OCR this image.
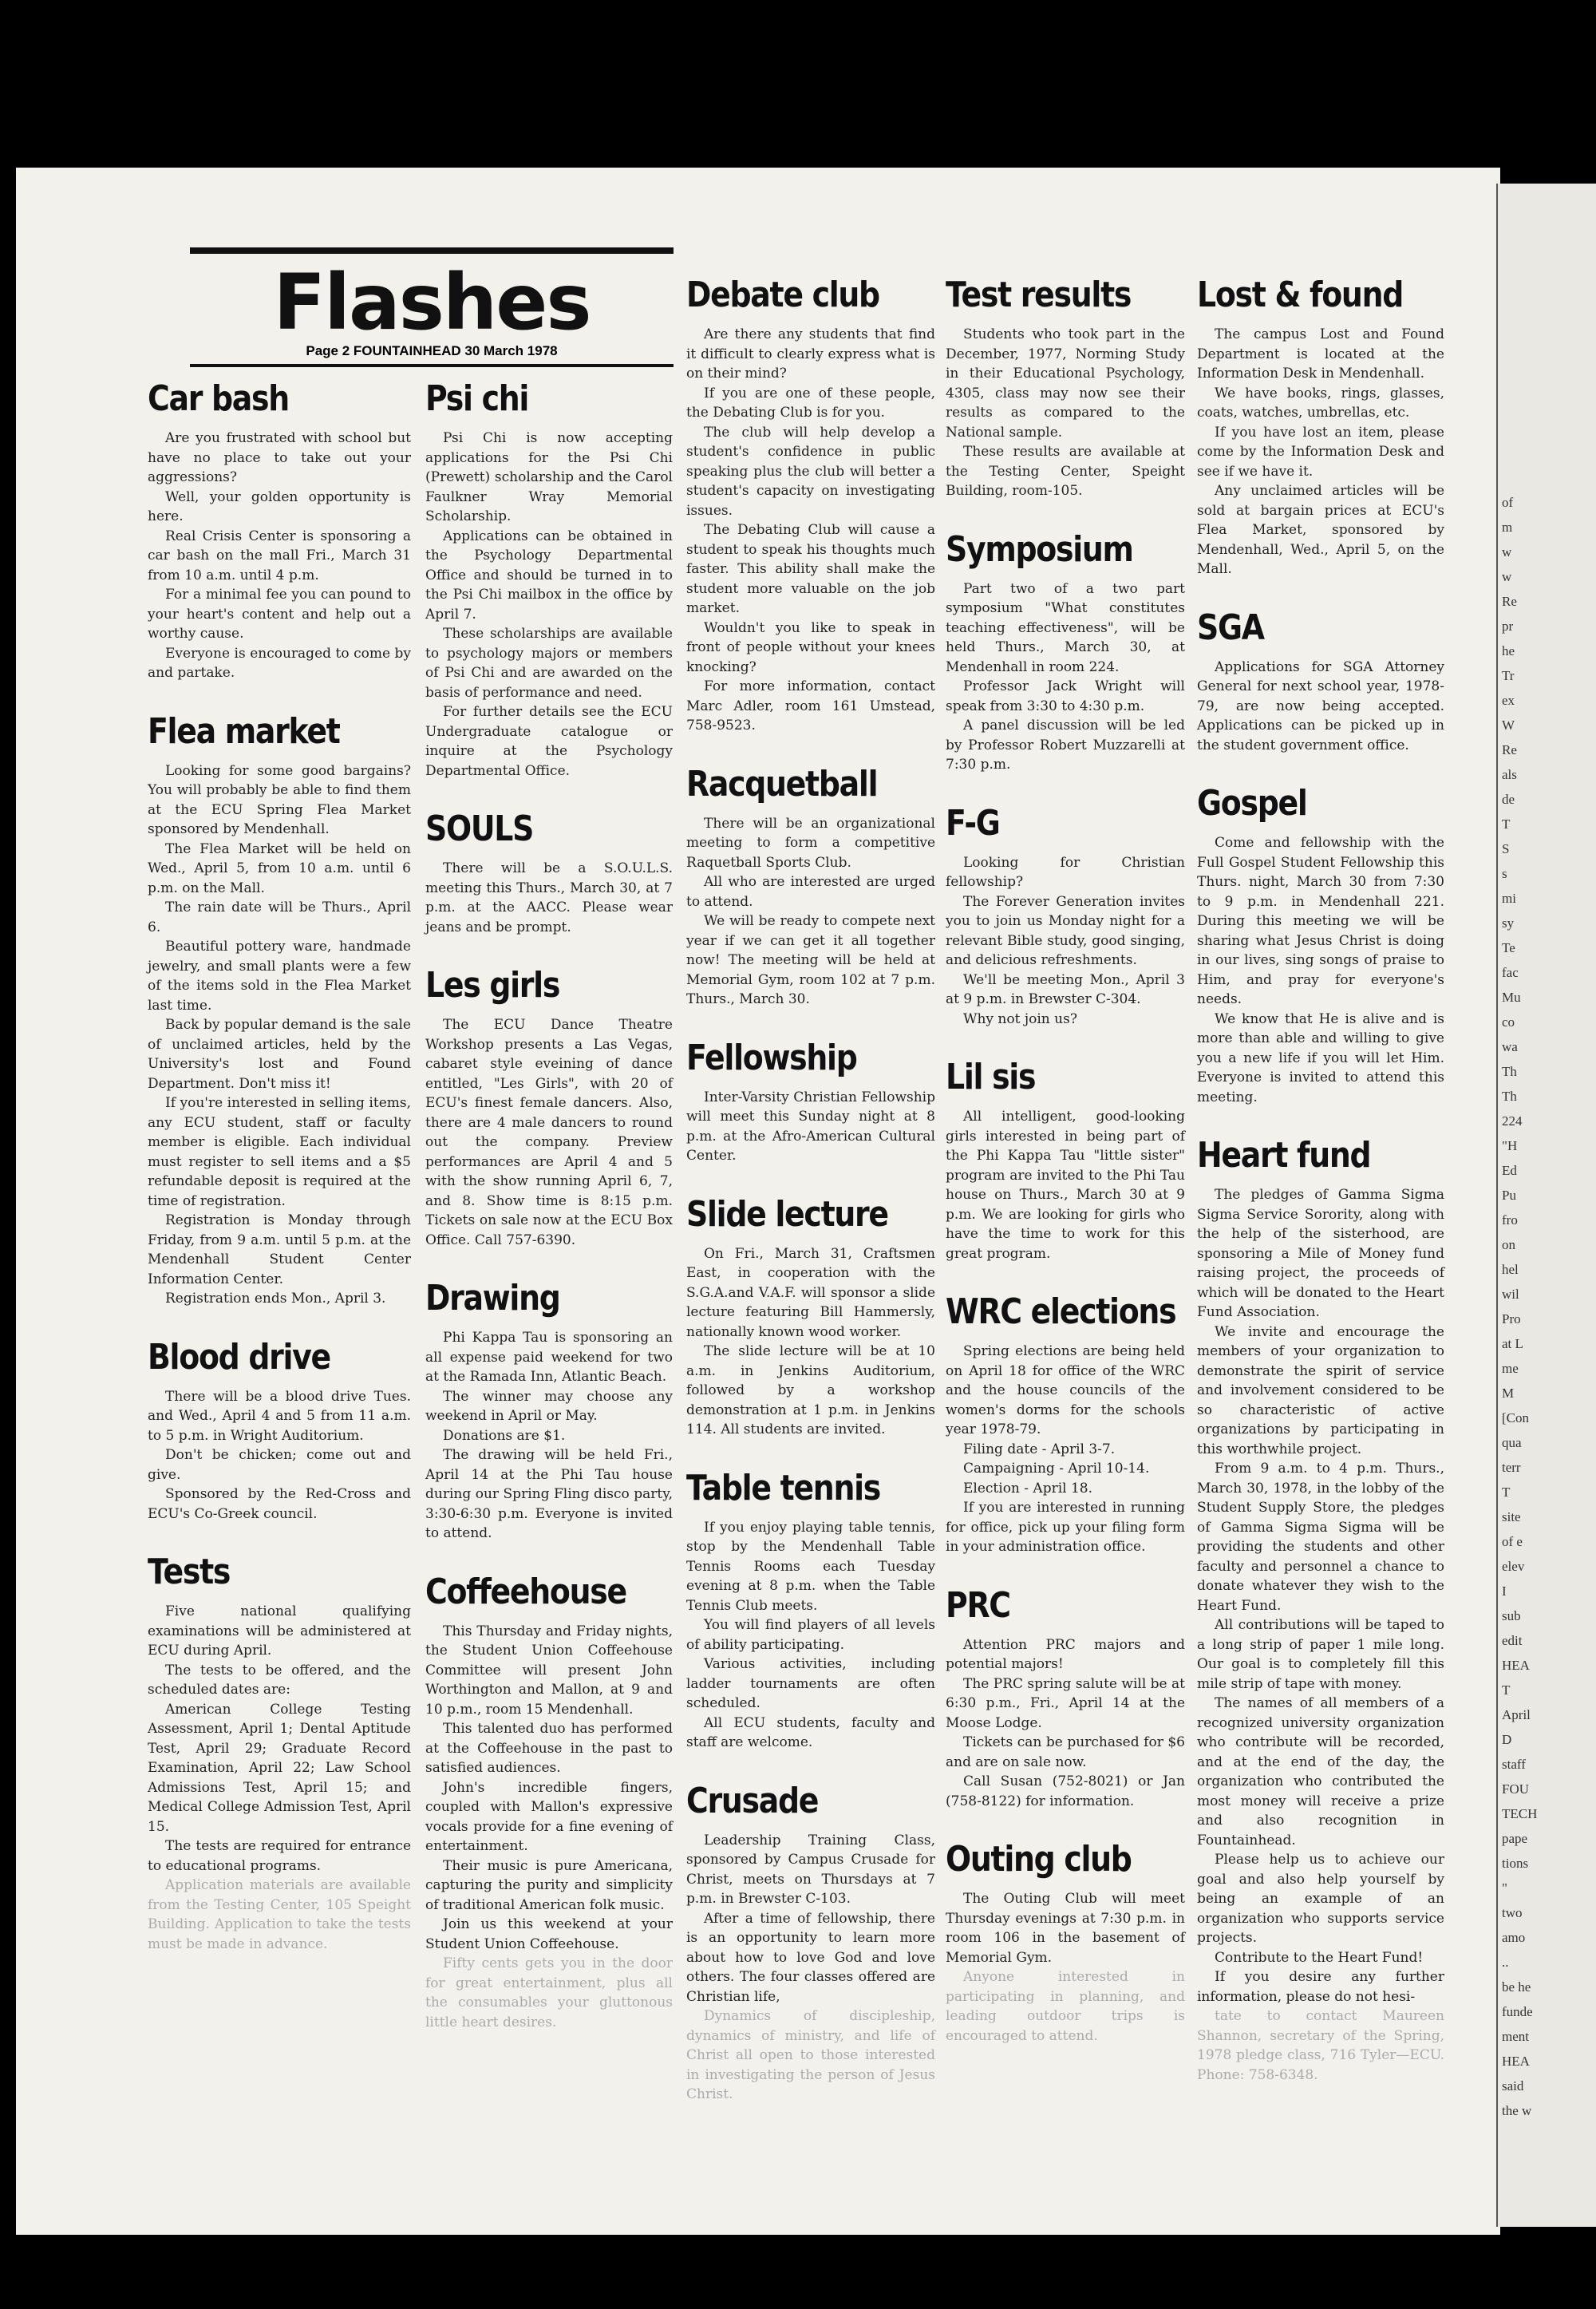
Flashes
Page 2 FOUNTAINHEAD 30 March 1978
Car bash

Are you frustrated with school but have no place to take out your aggressions?

Well, your golden opportunity is here.

Real Crisis Center is sponsoring a car bash on the mall Fri., March 31 from 10 a.m. until 4 p.m.

For a minimal fee you can pound to your heart's content and help out a worthy cause.

Everyone is encouraged to come by and partake.

Flea market

Looking for some good bargains? You will probably be able to find them at the ECU Spring Flea Market sponsored by Mendenhall.

The Flea Market will be held on Wed., April 5, from 10 a.m. until 6 p.m. on the Mall.

The rain date will be Thurs., April 6.

Beautiful pottery ware, handmade jewelry, and small plants were a few of the items sold in the Flea Market last time.

Back by popular demand is the sale of unclaimed articles, held by the University's lost and Found Department. Don't miss it!

If you're interested in selling items, any ECU student, staff or faculty member is eligible. Each individual must register to sell items and a $5 refundable deposit is required at the time of registration.

Registration is Monday through Friday, from 9 a.m. until 5 p.m. at the Mendenhall Student Center Information Center.

Registration ends Mon., April 3.

Blood drive

There will be a blood drive Tues. and Wed., April 4 and 5 from 11 a.m. to 5 p.m. in Wright Auditorium.

Don't be chicken; come out and give.

Sponsored by the Red-Cross and ECU's Co-Greek council.

Tests

Five national qualifying examinations will be administered at ECU during April.

The tests to be offered, and the scheduled dates are:

American College Testing Assessment, April 1; Dental Aptitude Test, April 29; Graduate Record Examination, April 22; Law School Admissions Test, April 15; and Medical College Admission Test, April 15.

The tests are required for entrance to educational programs.

Application materials are available from the Testing Center, 105 Speight Building. Application to take the tests must be made in advance.

Psi chi

Psi Chi is now accepting applications for the Psi Chi (Prewett) scholarship and the Carol Faulkner Wray Memorial Scholarship.

Applications can be obtained in the Psychology Departmental Office and should be turned in to the Psi Chi mailbox in the office by April 7.

These scholarships are available to psychology majors or members of Psi Chi and are awarded on the basis of performance and need.

For further details see the ECU Undergraduate catalogue or inquire at the Psychology Departmental Office.

SOULS

There will be a S.O.U.L.S. meeting this Thurs., March 30, at 7 p.m. at the AACC. Please wear jeans and be prompt.

Les girls

The ECU Dance Theatre Workshop presents a Las Vegas, cabaret style eveining of dance entitled, "Les Girls", with 20 of ECU's finest female dancers. Also, there are 4 male dancers to round out the company. Preview performances are April 4 and 5 with the show running April 6, 7, and 8. Show time is 8:15 p.m. Tickets on sale now at the ECU Box Office. Call 757-6390.

Drawing

Phi Kappa Tau is sponsoring an all expense paid weekend for two at the Ramada Inn, Atlantic Beach.

The winner may choose any weekend in April or May.

Donations are $1.

The drawing will be held Fri., April 14 at the Phi Tau house during our Spring Fling disco party, 3:30-6:30 p.m. Everyone is invited to attend.

Coffeehouse

This Thursday and Friday nights, the Student Union Coffeehouse Committee will present John Worthington and Mallon, at 9 and 10 p.m., room 15 Mendenhall.

This talented duo has performed at the Coffeehouse in the past to satisfied audiences.

John's incredible fingers, coupled with Mallon's expressive vocals provide for a fine evening of entertainment.

Their music is pure Americana, capturing the purity and simplicity of traditional American folk music.

Join us this weekend at your Student Union Coffeehouse.

Fifty cents gets you in the door for great entertainment, plus all the consumables your gluttonous little heart desires.

Debate club

Are there any students that find it difficult to clearly express what is on their mind?

If you are one of these people, the Debating Club is for you.

The club will help develop a student's confidence in public speaking plus the club will better a student's capacity on investigating issues.

The Debating Club will cause a student to speak his thoughts much faster. This ability shall make the student more valuable on the job market.

Wouldn't you like to speak in front of people without your knees knocking?

For more information, contact Marc Adler, room 161 Umstead, 758-9523.

Racquetball

There will be an organizational meeting to form a competitive Raquetball Sports Club.

All who are interested are urged to attend.

We will be ready to compete next year if we can get it all together now! The meeting will be held at Memorial Gym, room 102 at 7 p.m. Thurs., March 30.

Fellowship

Inter-Varsity Christian Fellowship will meet this Sunday night at 8 p.m. at the Afro-American Cultural Center.

Slide lecture

On Fri., March 31, Craftsmen East, in cooperation with the S.G.A.and V.A.F. will sponsor a slide lecture featuring Bill Hammersly, nationally known wood worker.

The slide lecture will be at 10 a.m. in Jenkins Auditorium, followed by a workshop demonstration at 1 p.m. in Jenkins 114. All students are invited.

Table tennis

If you enjoy playing table tennis, stop by the Mendenhall Table Tennis Rooms each Tuesday evening at 8 p.m. when the Table Tennis Club meets.

You will find players of all levels of ability participating.

Various activities, including ladder tournaments are often scheduled.

All ECU students, faculty and staff are welcome.

Crusade

Leadership Training Class, sponsored by Campus Crusade for Christ, meets on Thursdays at 7 p.m. in Brewster C-103.

After a time of fellowship, there is an opportunity to learn more about how to love God and love others. The four classes offered are Christian life,

Dynamics of discipleship, dynamics of ministry, and life of Christ all open to those interested in investigating the person of Jesus Christ.

Test results

Students who took part in the December, 1977, Norming Study in their Educational Psychology, 4305, class may now see their results as compared to the National sample.

These results are available at the Testing Center, Speight Building, room-105.

Symposium

Part two of a two part symposium "What constitutes teaching effectiveness", will be held Thurs., March 30, at Mendenhall in room 224.

Professor Jack Wright will speak from 3:30 to 4:30 p.m.

A panel discussion will be led by Professor Robert Muzzarelli at 7:30 p.m.

F-G

Looking for Christian fellowship?

The Forever Generation invites you to join us Monday night for a relevant Bible study, good singing, and delicious refreshments.

We'll be meeting Mon., April 3 at 9 p.m. in Brewster C-304.

Why not join us?

Lil sis

All intelligent, good-looking girls interested in being part of the Phi Kappa Tau "little sister" program are invited to the Phi Tau house on Thurs., March 30 at 9 p.m. We are looking for girls who have the time to work for this great program.

WRC elections

Spring elections are being held on April 18 for office of the WRC and the house councils of the women's dorms for the schools year 1978-79.

Filing date - April 3-7.

Campaigning - April 10-14.

Election - April 18.

If you are interested in running for office, pick up your filing form in your administration office.

PRC

Attention PRC majors and potential majors!

The PRC spring salute will be at 6:30 p.m., Fri., April 14 at the Moose Lodge.

Tickets can be purchased for $6 and are on sale now.

Call Susan (752-8021) or Jan (758-8122) for information.

Outing club

The Outing Club will meet Thursday evenings at 7:30 p.m. in room 106 in the basement of Memorial Gym.

Anyone interested in participating in planning, and leading outdoor trips is encouraged to attend.

Lost & found

The campus Lost and Found Department is located at the Information Desk in Mendenhall.

We have books, rings, glasses, coats, watches, umbrellas, etc.

If you have lost an item, please come by the Information Desk and see if we have it.

Any unclaimed articles will be sold at bargain prices at ECU's Flea Market, sponsored by Mendenhall, Wed., April 5, on the Mall.

SGA

Applications for SGA Attorney General for next school year, 1978-79, are now being accepted. Applications can be picked up in the student government office.

Gospel

Come and fellowship with the Full Gospel Student Fellowship this Thurs. night, March 30 from 7:30 to 9 p.m. in Mendenhall 221. During this meeting we will be sharing what Jesus Christ is doing in our lives, sing songs of praise to Him, and pray for everyone's needs.

We know that He is alive and is more than able and willing to give you a new life if you will let Him. Everyone is invited to attend this meeting.

Heart fund

The pledges of Gamma Sigma Sigma Service Sorority, along with the help of the sisterhood, are sponsoring a Mile of Money fund raising project, the proceeds of which will be donated to the Heart Fund Association.

We invite and encourage the members of your organization to demonstrate the spirit of service and involvement considered to be so characteristic of active organizations by participating in this worthwhile project.

From 9 a.m. to 4 p.m. Thurs., March 30, 1978, in the lobby of the Student Supply Store, the pledges of Gamma Sigma Sigma will be providing the students and other faculty and personnel a chance to donate whatever they wish to the Heart Fund.

All contributions will be taped to a long strip of paper 1 mile long. Our goal is to completely fill this mile strip of tape with money.

The names of all members of a recognized university organization who contribute will be recorded, and at the end of the day, the organization who contributed the most money will receive a prize and also recognition in Fountainhead.

Please help us to achieve our goal and also help yourself by being an example of an organization who supports service projects.

Contribute to the Heart Fund!

If you desire any further information, please do not hesi-

tate to contact Maureen Shannon, secretary of the Spring, 1978 pledge class, 716 Tyler—ECU. Phone: 758-6348.

of
m
w
w
Re
pr
he
Tr
ex
W
Re
als
de
T
S
s
mi
sy
Te
fac
Mu
co
wa
Th
Th
224
"H
Ed
Pu
fro
on
hel
wil
Pro
at L
me
M
[Con
qua
terr
T
site
of e
elev
I
sub
edit
HEA
T
April
D
staff
FOU
TECH
pape
tions
"
two
amo
..
be he
funde
ment
HEA
said
the w
